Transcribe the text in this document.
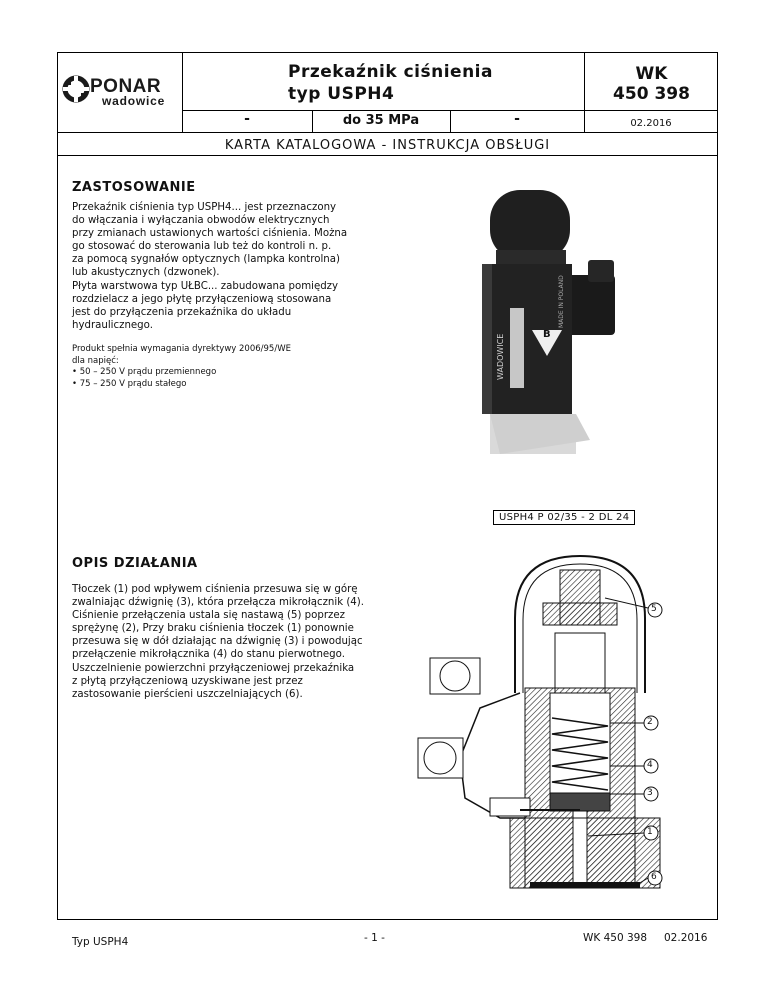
PONAR
wadowice
Przekaźnik ciśnienia
typ USPH4
WK
450 398
-	do 35 MPa	-	02.2016
KARTA KATALOGOWA - INSTRUKCJA OBSŁUGI
ZASTOSOWANIE
Przekaźnik ciśnienia typ USPH4... jest przeznaczony
do włączania i wyłączania obwodów elektrycznych
przy zmianach ustawionych wartości ciśnienia. Można
go stosować do sterowania lub też do kontroli n. p.
za pomocą sygnałów optycznych (lampka kontrolna)
lub akustycznych (dzwonek).
Płyta warstwowa typ UŁBC... zabudowana pomiędzy
rozdzielacz a jego płytę przyłączeniową stosowana
jest do przyłączenia przekaźnika do układu
hydraulicznego.
Produkt spełnia wymagania dyrektywy 2006/95/WE
dla napięć:
• 50 – 250 V prądu przemiennego
• 75 – 250 V prądu stałego
WADOWICE
MADE IN POLAND
B
USPH4 P 02/35 - 2 DL 24
OPIS DZIAŁANIA
Tłoczek (1) pod wpływem ciśnienia przesuwa się w górę
zwalniając dźwignię (3), która przełącza mikrołącznik (4).
Ciśnienie przełączenia ustala się nastawą (5) poprzez
sprężynę (2), Przy braku ciśnienia tłoczek (1) ponownie
przesuwa się w dół działając na dźwignię (3) i powodując
przełączenie mikrołącznika (4) do stanu pierwotnego.
Uszczelnienie powierzchni przyłączeniowej przekaźnika
z płytą przyłączeniową uzyskiwane jest przez
zastosowanie pierścieni uszczelniających (6).
5
2
4
3
1
6
Typ USPH4	- 1 -	WK 450 398 02.2016
